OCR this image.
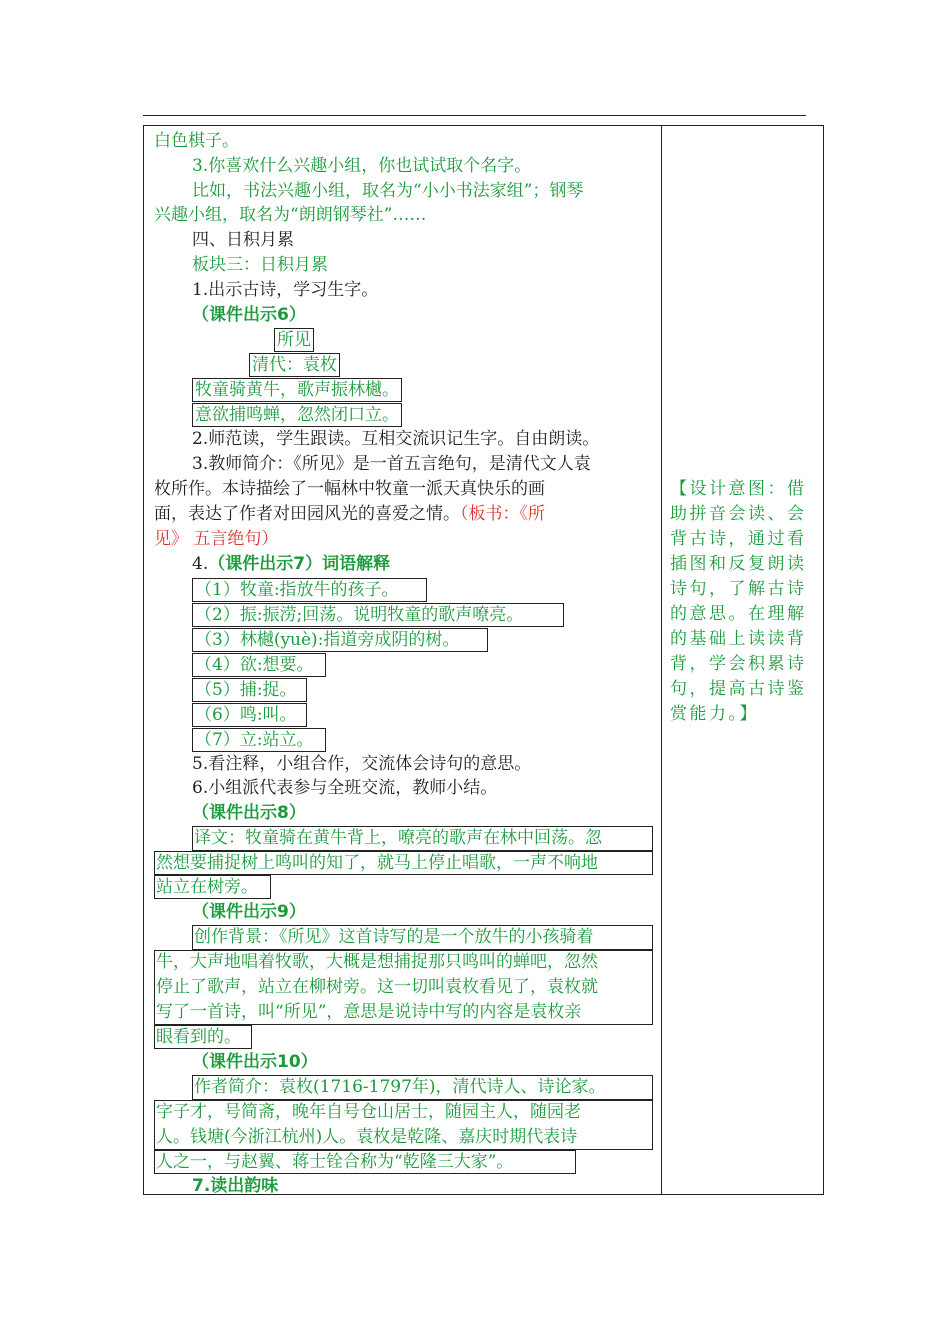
白色棋子。
3.你喜欢什么兴趣小组，你也试试取个名字。
比如，书法兴趣小组，取名为“小小书法家组”；钢琴
兴趣小组，取名为“朗朗钢琴社”……
四、日积月累
板块三：日积月累
1.出示古诗，学习生字。
（课件出示6）
所见
清代：袁枚
牧童骑黄牛，歌声振林樾。
意欲捕鸣蝉，忽然闭口立。
2.师范读，学生跟读。互相交流识记生字。自由朗读。
3.教师简介：《所见》是一首五言绝句，是清代文人袁
枚所作。本诗描绘了一幅林中牧童一派天真快乐的画
面，表达了作者对田园风光的喜爱之情。（板书：《所
见》 五言绝句）
4.（课件出示7）词语解释
（1）牧童:指放牛的孩子。
（2）振:振涝;回荡。说明牧童的歌声嘹亮。
（3）林樾(yuè):指道旁成阴的树。
（4）欲:想要。
（5）捕:捉。
（6）鸣:叫。
（7）立:站立。
5.看注释，小组合作，交流体会诗句的意思。
6.小组派代表参与全班交流，教师小结。
（课件出示8）
译文：牧童骑在黄牛背上，嘹亮的歌声在林中回荡。忽
然想要捕捉树上鸣叫的知了，就马上停止唱歌，一声不响地
站立在树旁。
（课件出示9）
创作背景：《所见》这首诗写的是一个放牛的小孩骑着
牛，大声地唱着牧歌，大概是想捕捉那只鸣叫的蝉吧，忽然
停止了歌声，站立在柳树旁。这一切叫袁枚看见了，袁枚就
写了一首诗，叫“所见”，意思是说诗中写的内容是袁枚亲
眼看到的。
（课件出示10）
作者简介：袁枚(1716-1797年)，清代诗人、诗论家。
字子才，号简斋，晚年自号仓山居士，随园主人，随园老
人。钱塘(今浙江杭州)人。袁枚是乾隆、嘉庆时期代表诗
人之一，与赵翼、蒋士铨合称为“乾隆三大家”。
7.读出韵味
【设计意图：借
助拼音会读、会
背古诗，通过看
插图和反复朗读
诗句，了解古诗
的意思。在理解
的基础上读读背
背，学会积累诗
句，提高古诗鉴
赏能力。】
